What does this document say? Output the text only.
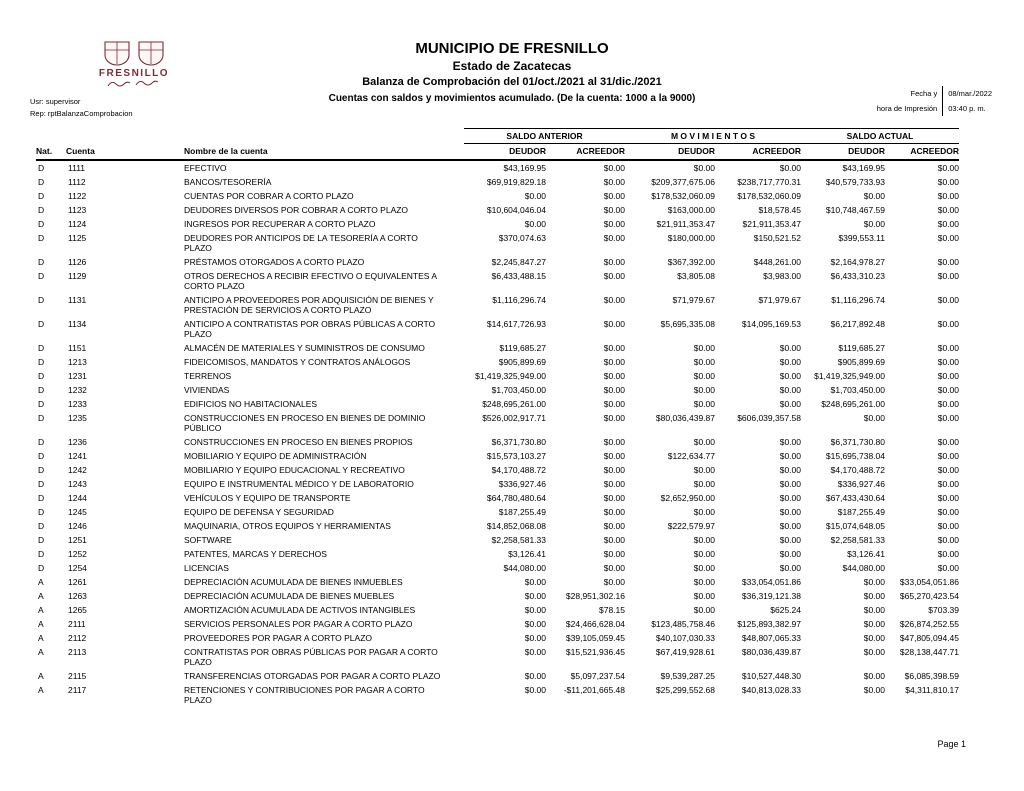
FRESNILLO
MUNICIPIO DE FRESNILLO
Estado de Zacatecas
Balanza de Comprobación del 01/oct./2021 al 31/dic./2021
Cuentas con saldos y movimientos acumulado. (De la cuenta: 1000 a la 9000)
Usr: supervisor
Rep: rptBalanzaComprobacion
Fecha y
hora de Impresión
08/mar./2022
03:40 p. m.
			SALDO ANTERIOR		M O V I M I E N T O S		SALDO ACTUAL	
Nat.	Cuenta	Nombre de la cuenta	DEUDOR	ACREEDOR	DEUDOR	ACREEDOR	DEUDOR	ACREEDOR
D	1111	EFECTIVO	$43,169.95	$0.00	$0.00	$0.00	$43,169.95	$0.00
D	1112	BANCOS/TESORERÍA	$69,919,829.18	$0.00	$209,377,675.06	$238,717,770.31	$40,579,733.93	$0.00
D	1122	CUENTAS POR COBRAR A CORTO PLAZO	$0.00	$0.00	$178,532,060.09	$178,532,060.09	$0.00	$0.00
D	1123	DEUDORES DIVERSOS POR COBRAR A CORTO PLAZO	$10,604,046.04	$0.00	$163,000.00	$18,578.45	$10,748,467.59	$0.00
D	1124	INGRESOS POR RECUPERAR A CORTO PLAZO	$0.00	$0.00	$21,911,353.47	$21,911,353.47	$0.00	$0.00
D	1125	DEUDORES POR ANTICIPOS DE LA TESORERÍA A CORTO PLAZO	$370,074.63	$0.00	$180,000.00	$150,521.52	$399,553.11	$0.00
D	1126	PRÉSTAMOS OTORGADOS A CORTO PLAZO	$2,245,847.27	$0.00	$367,392.00	$448,261.00	$2,164,978.27	$0.00
D	1129	OTROS DERECHOS A RECIBIR EFECTIVO O EQUIVALENTES A CORTO PLAZO	$6,433,488.15	$0.00	$3,805.08	$3,983.00	$6,433,310.23	$0.00
D	1131	ANTICIPO A PROVEEDORES POR ADQUISICIÓN DE BIENES Y PRESTACIÓN DE SERVICIOS A CORTO PLAZO	$1,116,296.74	$0.00	$71,979.67	$71,979.67	$1,116,296.74	$0.00
D	1134	ANTICIPO A CONTRATISTAS POR OBRAS PÚBLICAS A CORTO PLAZO	$14,617,726.93	$0.00	$5,695,335.08	$14,095,169.53	$6,217,892.48	$0.00
D	1151	ALMACÉN DE MATERIALES Y SUMINISTROS DE CONSUMO	$119,685.27	$0.00	$0.00	$0.00	$119,685.27	$0.00
D	1213	FIDEICOMISOS, MANDATOS Y CONTRATOS ANÁLOGOS	$905,899.69	$0.00	$0.00	$0.00	$905,899.69	$0.00
D	1231	TERRENOS	$1,419,325,949.00	$0.00	$0.00	$0.00	$1,419,325,949.00	$0.00
D	1232	VIVIENDAS	$1,703,450.00	$0.00	$0.00	$0.00	$1,703,450.00	$0.00
D	1233	EDIFICIOS NO HABITACIONALES	$248,695,261.00	$0.00	$0.00	$0.00	$248,695,261.00	$0.00
D	1235	CONSTRUCCIONES EN PROCESO EN BIENES DE DOMINIO PÚBLICO	$526,002,917.71	$0.00	$80,036,439.87	$606,039,357.58	$0.00	$0.00
D	1236	CONSTRUCCIONES EN PROCESO EN BIENES PROPIOS	$6,371,730.80	$0.00	$0.00	$0.00	$6,371,730.80	$0.00
D	1241	MOBILIARIO Y EQUIPO DE ADMINISTRACIÓN	$15,573,103.27	$0.00	$122,634.77	$0.00	$15,695,738.04	$0.00
D	1242	MOBILIARIO Y EQUIPO EDUCACIONAL Y RECREATIVO	$4,170,488.72	$0.00	$0.00	$0.00	$4,170,488.72	$0.00
D	1243	EQUIPO E INSTRUMENTAL MÉDICO Y DE LABORATORIO	$336,927.46	$0.00	$0.00	$0.00	$336,927.46	$0.00
D	1244	VEHÍCULOS Y EQUIPO DE TRANSPORTE	$64,780,480.64	$0.00	$2,652,950.00	$0.00	$67,433,430.64	$0.00
D	1245	EQUIPO DE DEFENSA Y SEGURIDAD	$187,255.49	$0.00	$0.00	$0.00	$187,255.49	$0.00
D	1246	MAQUINARIA, OTROS EQUIPOS Y HERRAMIENTAS	$14,852,068.08	$0.00	$222,579.97	$0.00	$15,074,648.05	$0.00
D	1251	SOFTWARE	$2,258,581.33	$0.00	$0.00	$0.00	$2,258,581.33	$0.00
D	1252	PATENTES, MARCAS Y DERECHOS	$3,126.41	$0.00	$0.00	$0.00	$3,126.41	$0.00
D	1254	LICENCIAS	$44,080.00	$0.00	$0.00	$0.00	$44,080.00	$0.00
A	1261	DEPRECIACIÓN ACUMULADA DE BIENES INMUEBLES	$0.00	$0.00	$0.00	$33,054,051.86	$0.00	$33,054,051.86
A	1263	DEPRECIACIÓN ACUMULADA DE BIENES MUEBLES	$0.00	$28,951,302.16	$0.00	$36,319,121.38	$0.00	$65,270,423.54
A	1265	AMORTIZACIÓN ACUMULADA DE ACTIVOS INTANGIBLES	$0.00	$78.15	$0.00	$625.24	$0.00	$703.39
A	2111	SERVICIOS PERSONALES POR PAGAR A CORTO PLAZO	$0.00	$24,466,628.04	$123,485,758.46	$125,893,382.97	$0.00	$26,874,252.55
A	2112	PROVEEDORES POR PAGAR A CORTO PLAZO	$0.00	$39,105,059.45	$40,107,030.33	$48,807,065.33	$0.00	$47,805,094.45
A	2113	CONTRATISTAS POR OBRAS PÚBLICAS POR PAGAR A CORTO PLAZO	$0.00	$15,521,936.45	$67,419,928.61	$80,036,439.87	$0.00	$28,138,447.71
A	2115	TRANSFERENCIAS OTORGADAS POR PAGAR A CORTO PLAZO	$0.00	$5,097,237.54	$9,539,287.25	$10,527,448.30	$0.00	$6,085,398.59
A	2117	RETENCIONES Y CONTRIBUCIONES POR PAGAR A CORTO PLAZO	$0.00	-$11,201,665.48	$25,299,552.68	$40,813,028.33	$0.00	$4,311,810.17
Page 1
